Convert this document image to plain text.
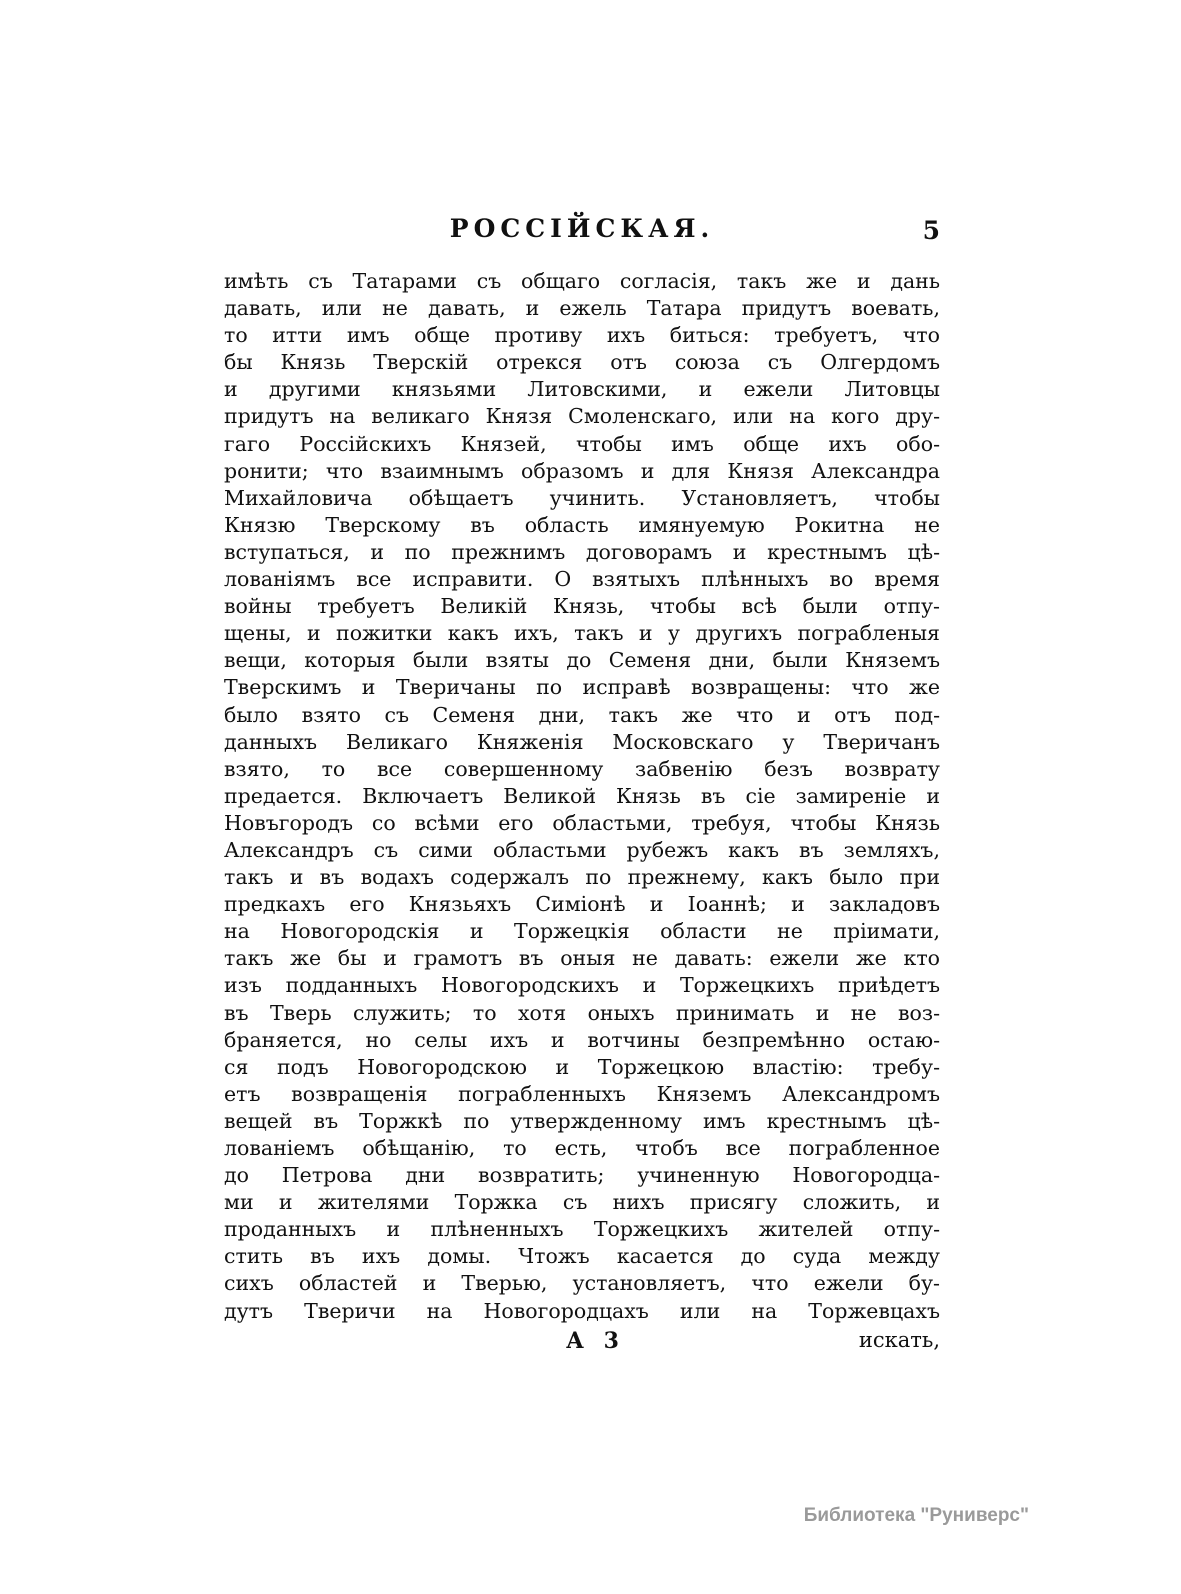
РОССІЙСКАЯ.	5
имѣть съ Татарами съ общаго согласія, такъ же и дань
давать, или не давать, и ежель Татара придутъ воевать,
то итти имъ обще противу ихъ биться: требуетъ, что
бы Князь Тверскій отрекся отъ союза съ Олгердомъ
и другими князьями Литовскими, и ежели Литовцы
придутъ на великаго Князя Смоленскаго, или на кого дру-
гаго Россійскихъ Князей, чтобы имъ обще ихъ обо-
ронити; что взаимнымъ образомъ и для Князя Александра
Михайловича обѣщаетъ учинить. Установляетъ, чтобы
Князю Тверскому въ область имянуемую Рокитна не
вступаться, и по прежнимъ договорамъ и крестнымъ цѣ-
лованіямъ все исправити. О взятыхъ плѣнныхъ во время
войны требуетъ Великій Князь, чтобы всѣ были отпу-
щены, и пожитки какъ ихъ, такъ и у другихъ пограбленыя
вещи, которыя были взяты до Семеня дни, были Княземъ
Тверскимъ и Тверичаны по исправѣ возвращены: что же
было взято съ Семеня дни, такъ же что и отъ под-
данныхъ Великаго Княженія Московскаго у Тверичанъ
взято, то все совершенному забвенію безъ возврату
предается. Включаетъ Великой Князь въ сіе замиреніе и
Новъгородъ со всѣми его областьми, требуя, чтобы Князь
Александръ съ сими областьми рубежъ какъ въ земляхъ,
такъ и въ водахъ содержалъ по прежнему, какъ было при
предкахъ его Князьяхъ Симіонѣ и Іоаннѣ; и закладовъ
на Новогородскія и Торжецкія области не пріимати,
такъ же бы и грамотъ въ оныя не давать: ежели же кто
изъ подданныхъ Новогородскихъ и Торжецкихъ приѣдетъ
въ Тверь служить; то хотя оныхъ принимать и не воз-
браняется, но селы ихъ и вотчины безпремѣнно остаю-
ся подъ Новогородскою и Торжецкою властію: требу-
етъ возвращенія пограбленныхъ Княземъ Александромъ
вещей въ Торжкѣ по утвержденному имъ крестнымъ цѣ-
лованіемъ обѣщанію, то есть, чтобъ все пограбленное
до Петрова дни возвратить; учиненную Новогородца-
ми и жителями Торжка съ нихъ присягу сложить, и
проданныхъ и плѣненныхъ Торжецкихъ жителей отпу-
стить въ ихъ домы. Чтожъ касается до суда между
сихъ областей и Тверью, установляетъ, что ежели бу-
дутъ Тверичи на Новогородцахъ или на Торжевцахъ
А 3	искать,
Библиотека "Руниверс"
